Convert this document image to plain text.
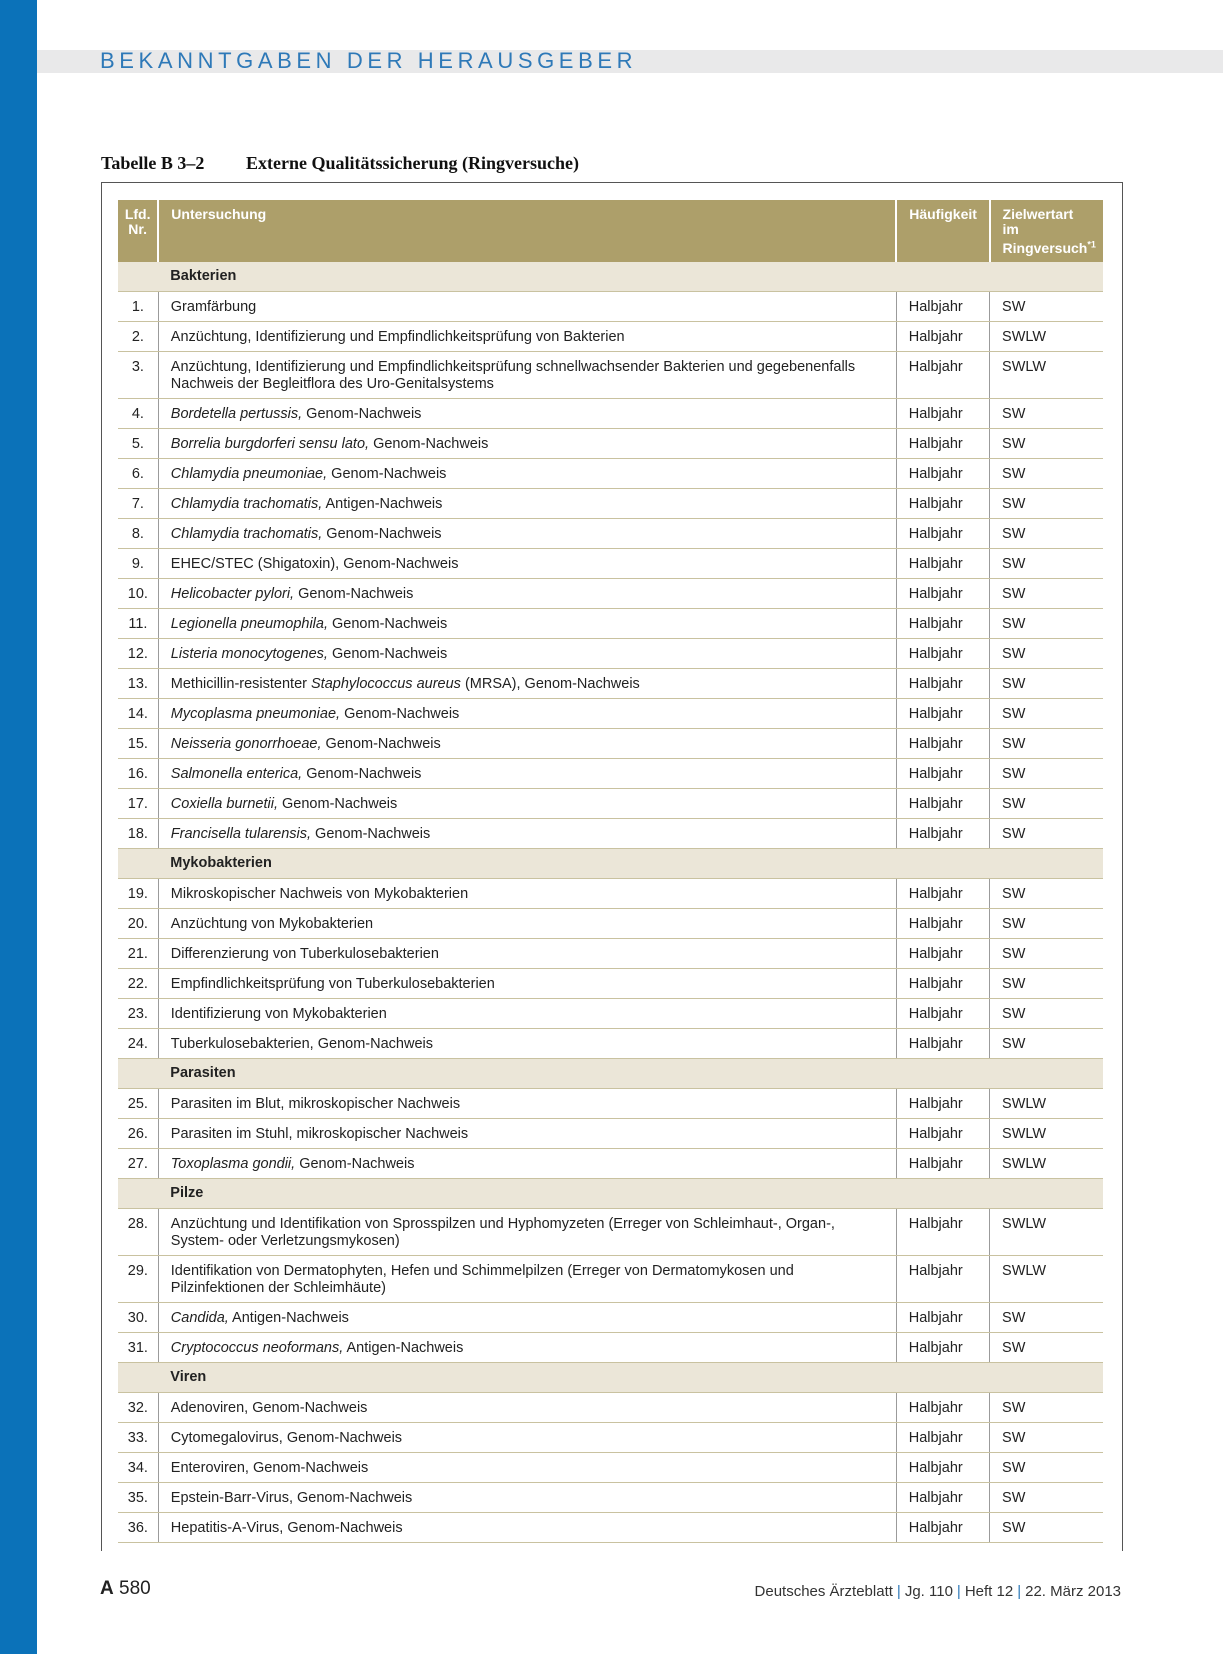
BEKANNTGABEN DER HERAUSGEBER
Tabelle B 3–2 Externe Qualitätssicherung (Ringversuche)
Lfd. Nr.	Untersuchung	Häufigkeit	Zielwertart im Ringversuch$^{*1}$
	Bakterien		
1.	Gramfärbung	Halbjahr	SW
2.	Anzüchtung, Identifizierung und Empfindlichkeitsprüfung von Bakterien	Halbjahr	SWLW
3.	Anzüchtung, Identifizierung und Empfindlichkeitsprüfung schnellwachsender Bakterien und gegebenenfalls Nachweis der Begleitflora des Uro-Genitalsystems	Halbjahr	SWLW
4.	Bordetella pertussis, Genom-Nachweis	Halbjahr	SW
5.	Borrelia burgdorferi sensu lato, Genom-Nachweis	Halbjahr	SW
6.	Chlamydia pneumoniae, Genom-Nachweis	Halbjahr	SW
7.	Chlamydia trachomatis, Antigen-Nachweis	Halbjahr	SW
8.	Chlamydia trachomatis, Genom-Nachweis	Halbjahr	SW
9.	EHEC/STEC (Shigatoxin), Genom-Nachweis	Halbjahr	SW
10.	Helicobacter pylori, Genom-Nachweis	Halbjahr	SW
11.	Legionella pneumophila, Genom-Nachweis	Halbjahr	SW
12.	Listeria monocytogenes, Genom-Nachweis	Halbjahr	SW
13.	Methicillin-resistenter Staphylococcus aureus (MRSA), Genom-Nachweis	Halbjahr	SW
14.	Mycoplasma pneumoniae, Genom-Nachweis	Halbjahr	SW
15.	Neisseria gonorrhoeae, Genom-Nachweis	Halbjahr	SW
16.	Salmonella enterica, Genom-Nachweis	Halbjahr	SW
17.	Coxiella burnetii, Genom-Nachweis	Halbjahr	SW
18.	Francisella tularensis, Genom-Nachweis	Halbjahr	SW
	Mykobakterien		
19.	Mikroskopischer Nachweis von Mykobakterien	Halbjahr	SW
20.	Anzüchtung von Mykobakterien	Halbjahr	SW
21.	Differenzierung von Tuberkulosebakterien	Halbjahr	SW
22.	Empfindlichkeitsprüfung von Tuberkulosebakterien	Halbjahr	SW
23.	Identifizierung von Mykobakterien	Halbjahr	SW
24.	Tuberkulosebakterien, Genom-Nachweis	Halbjahr	SW
	Parasiten		
25.	Parasiten im Blut, mikroskopischer Nachweis	Halbjahr	SWLW
26.	Parasiten im Stuhl, mikroskopischer Nachweis	Halbjahr	SWLW
27.	Toxoplasma gondii, Genom-Nachweis	Halbjahr	SWLW
	Pilze		
28.	Anzüchtung und Identifikation von Sprosspilzen und Hyphomyzeten (Erreger von Schleimhaut-, Organ-, System- oder Verletzungsmykosen)	Halbjahr	SWLW
29.	Identifikation von Dermatophyten, Hefen und Schimmelpilzen (Erreger von Dermatomykosen und Pilzinfektionen der Schleimhäute)	Halbjahr	SWLW
30.	Candida, Antigen-Nachweis	Halbjahr	SW
31.	Cryptococcus neoformans, Antigen-Nachweis	Halbjahr	SW
	Viren		
32.	Adenoviren, Genom-Nachweis	Halbjahr	SW
33.	Cytomegalovirus, Genom-Nachweis	Halbjahr	SW
34.	Enteroviren, Genom-Nachweis	Halbjahr	SW
35.	Epstein-Barr-Virus, Genom-Nachweis	Halbjahr	SW
36.	Hepatitis-A-Virus, Genom-Nachweis	Halbjahr	SW
A 580	Deutsches Ärzteblatt | Jg. 110 | Heft 12 | 22. März 2013
